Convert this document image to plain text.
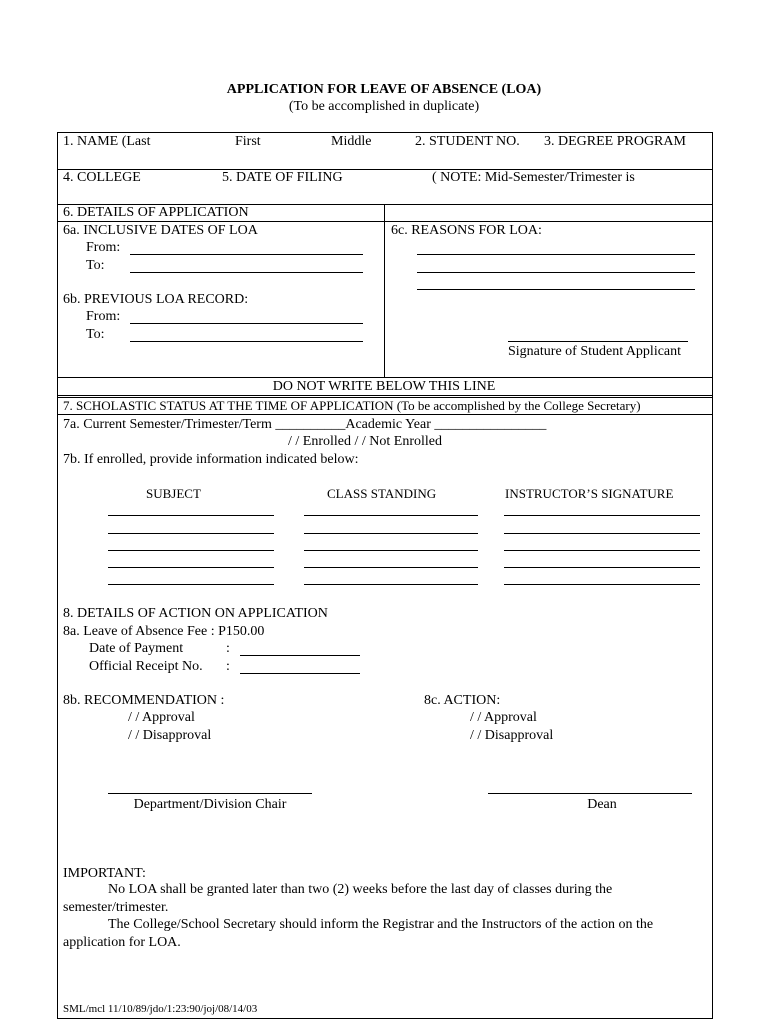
APPLICATION FOR LEAVE OF ABSENCE (LOA)
(To be accomplished in duplicate)
1. NAME (Last	First	Middle	2. STUDENT NO. 3. DEGREE PROGRAM
4. COLLEGE	5. DATE OF FILING	( NOTE: Mid-Semester/Trimester is
6. DETAILS OF APPLICATION
6a. INCLUSIVE DATES OF LOA
From:
To:
6b. PREVIOUS LOA RECORD:
From:
To:
6c. REASONS FOR LOA:
Signature of Student Applicant
DO NOT WRITE BELOW THIS LINE
7. SCHOLASTIC STATUS AT THE TIME OF APPLICATION (To be accomplished by the College Secretary)
7a. Current Semester/Trimester/Term __________Academic Year ________________
/ / Enrolled / / Not Enrolled
7b. If enrolled, provide information indicated below:
SUBJECT	CLASS STANDING	INSTRUCTOR’S SIGNATURE
8. DETAILS OF ACTION ON APPLICATION
8a. Leave of Absence Fee : P150.00
Date of Payment	:
Official Receipt No. :
8b. RECOMMENDATION :
/ / Approval
/ / Disapproval
8c. ACTION:
/ / Approval
/ / Disapproval
Department/Division Chair	Dean
IMPORTANT:
No LOA shall be granted later than two (2) weeks before the last day of classes during the semester/trimester.
The College/School Secretary should inform the Registrar and the Instructors of the action on the application for LOA.
SML/mcl 11/10/89/jdo/1:23:90/joj/08/14/03
